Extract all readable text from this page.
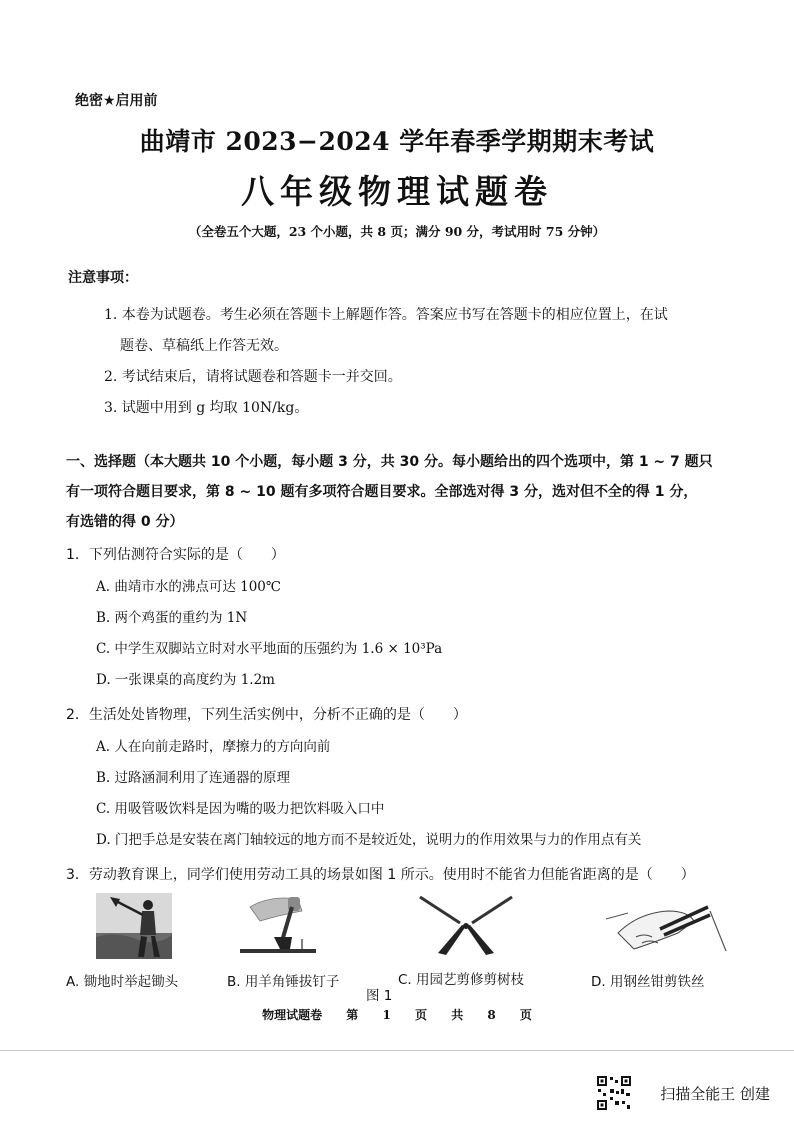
绝密★启用前
曲靖市 2023−2024 学年春季学期期末考试
八年级物理试题卷
（全卷五个大题，23 个小题，共 8 页；满分 90 分，考试用时 75 分钟）
注意事项：
1. 本卷为试题卷。考生必须在答题卡上解题作答。答案应书写在答题卡的相应位置上，在试
题卷、草稿纸上作答无效。
2. 考试结束后，请将试题卷和答题卡一并交回。
3. 试题中用到 g 均取 10N/kg。
一、选择题（本大题共 10 个小题，每小题 3 分，共 30 分。每小题给出的四个选项中，第 1 ~ 7 题只
有一项符合题目要求，第 8 ~ 10 题有多项符合题目要求。全部选对得 3 分，选对但不全的得 1 分，
有选错的得 0 分）
1．下列估测符合实际的是（　　）
A. 曲靖市水的沸点可达 100℃
B. 两个鸡蛋的重约为 1N
C. 中学生双脚站立时对水平地面的压强约为 1.6 × 10³Pa
D. 一张课桌的高度约为 1.2m
2．生活处处皆物理，下列生活实例中，分析不正确的是（　　）
A. 人在向前走路时，摩擦力的方向向前
B. 过路涵洞利用了连通器的原理
C. 用吸管吸饮料是因为嘴的吸力把饮料吸入口中
D. 门把手总是安装在离门轴较远的地方而不是较近处，说明力的作用效果与力的作用点有关
3．劳动教育课上，同学们使用劳动工具的场景如图 1 所示。使用时不能省力但能省距离的是（　　）
A. 锄地时举起锄头	B. 用羊角锤拔钉子
图 1
C. 用园艺剪修剪树枝	D. 用钢丝钳剪铁丝
物理试题卷 第 1 页 共 8 页
扫描全能王 创建
